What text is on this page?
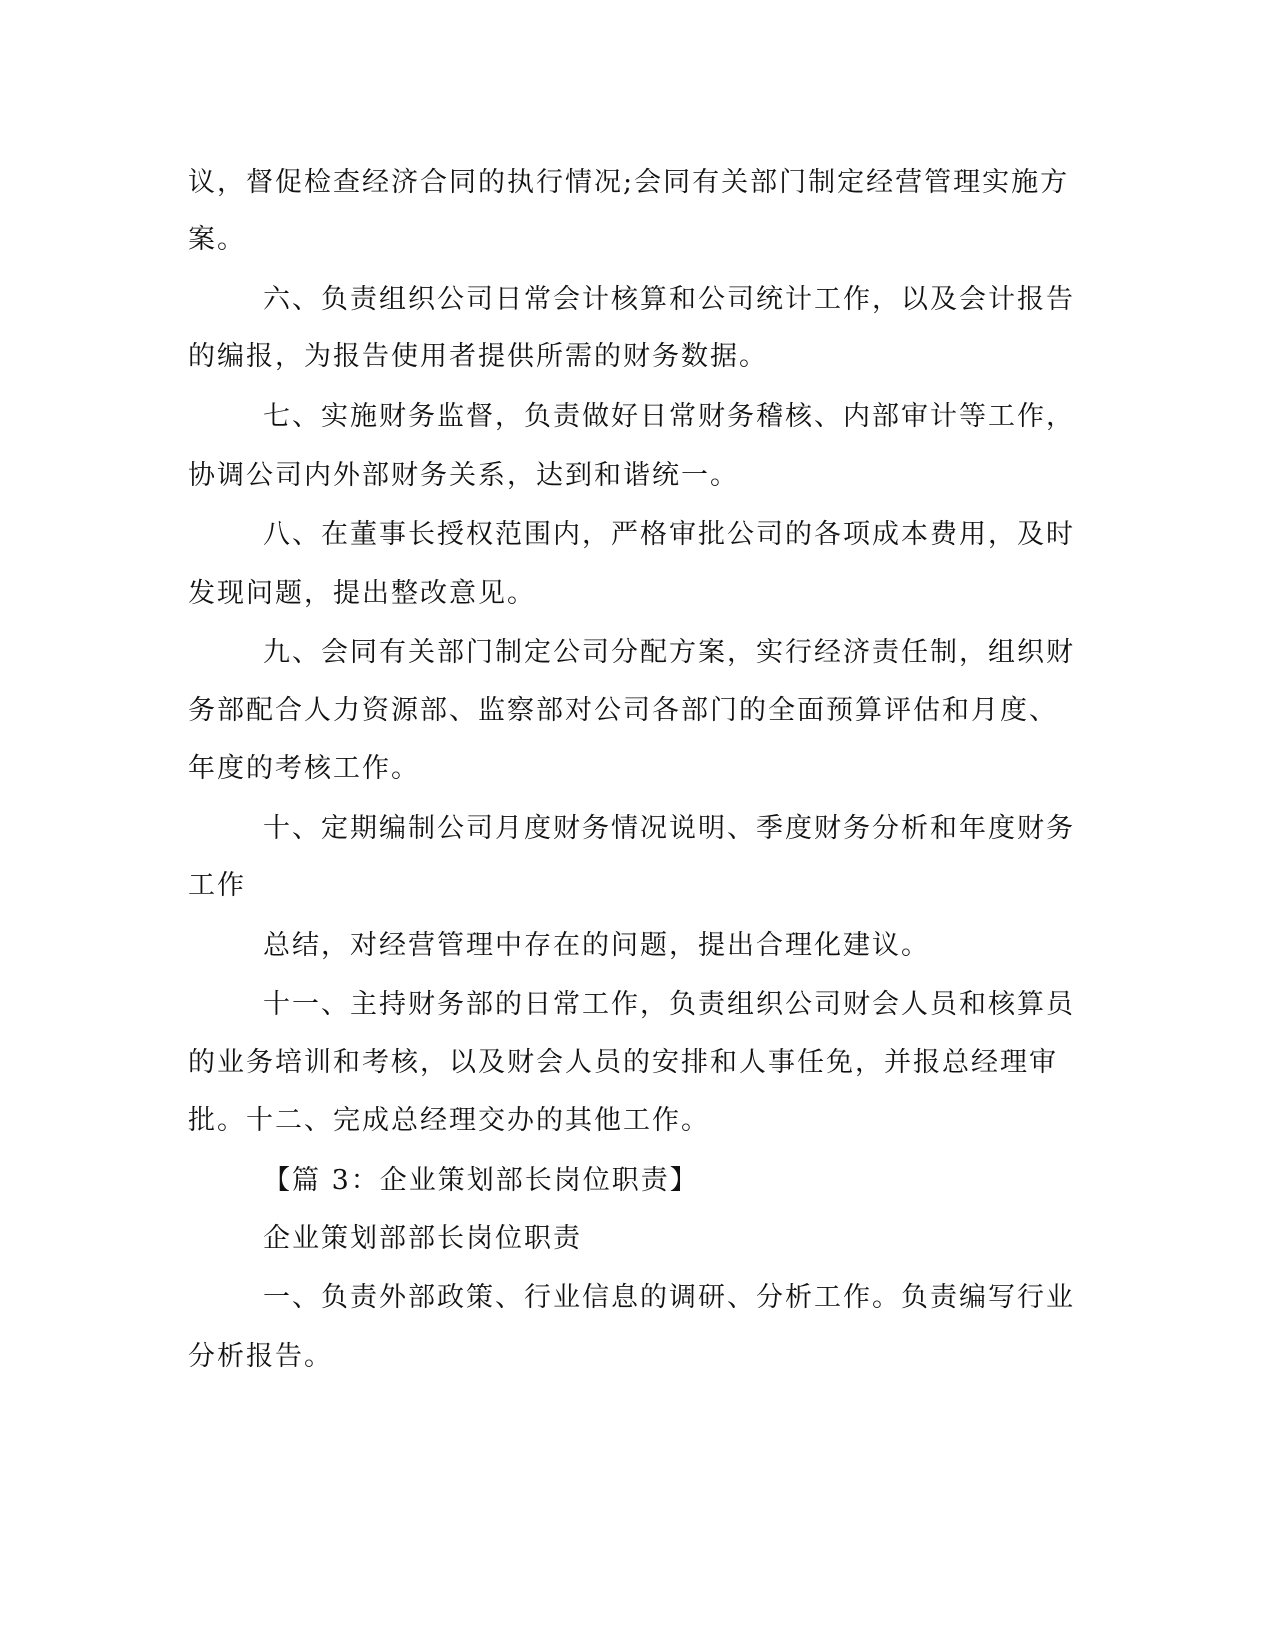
议，督促检查经济合同的执行情况;会同有关部门制定经营管理实施方

案。

六、负责组织公司日常会计核算和公司统计工作，以及会计报告

的编报，为报告使用者提供所需的财务数据。

七、实施财务监督，负责做好日常财务稽核、内部审计等工作，

协调公司内外部财务关系，达到和谐统一。

八、在董事长授权范围内，严格审批公司的各项成本费用，及时

发现问题，提出整改意见。

九、会同有关部门制定公司分配方案，实行经济责任制，组织财

务部配合人力资源部、监察部对公司各部门的全面预算评估和月度、

年度的考核工作。

十、定期编制公司月度财务情况说明、季度财务分析和年度财务

工作

总结，对经营管理中存在的问题，提出合理化建议。

十一、主持财务部的日常工作，负责组织公司财会人员和核算员

的业务培训和考核，以及财会人员的安排和人事任免，并报总经理审

批。十二、完成总经理交办的其他工作。

【篇 3：企业策划部长岗位职责】

企业策划部部长岗位职责

一、负责外部政策、行业信息的调研、分析工作。负责编写行业

分析报告。
